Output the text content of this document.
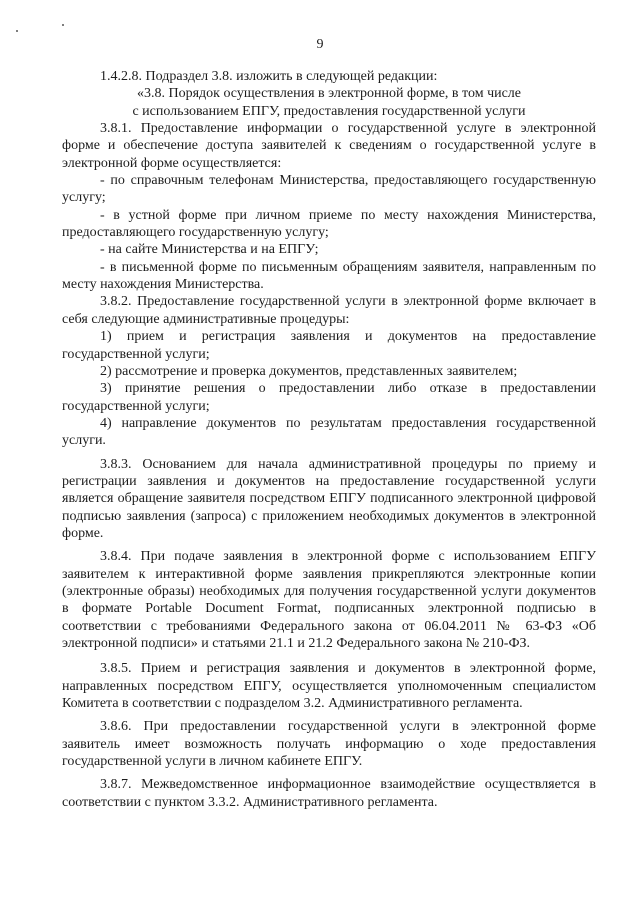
9

1.4.2.8. Подраздел 3.8. изложить в следующей редакции:

«3.8. Порядок осуществления в электронной форме, в том числе

с использованием ЕПГУ, предоставления государственной услуги

3.8.1. Предоставление информации о государственной услуге в электронной форме и обеспечение доступа заявителей к сведениям о государственной услуге в электронной форме осуществляется:

- по справочным телефонам Министерства, предоставляющего государственную услугу;

- в устной форме при личном приеме по месту нахождения Министерства, предоставляющего государственную услугу;

- на сайте Министерства и на ЕПГУ;

- в письменной форме по письменным обращениям заявителя, направленным по месту нахождения Министерства.

3.8.2. Предоставление государственной услуги в электронной форме включает в себя следующие административные процедуры:

1) прием и регистрация заявления и документов на предоставление государственной услуги;

2) рассмотрение и проверка документов, представленных заявителем;

3) принятие решения о предоставлении либо отказе в предоставлении государственной услуги;

4) направление документов по результатам предоставления государственной услуги.

3.8.3. Основанием для начала административной процедуры по приему и регистрации заявления и документов на предоставление государственной услуги является обращение заявителя посредством ЕПГУ подписанного электронной цифровой подписью заявления (запроса) с приложением необходимых документов в электронной форме.

3.8.4. При подаче заявления в электронной форме с использованием ЕПГУ заявителем к интерактивной форме заявления прикрепляются электронные копии (электронные образы) необходимых для получения государственной услуги документов в формате Portable Document Format, подписанных электронной подписью в соответствии с требованиями Федерального закона от 06.04.2011 № 63-ФЗ «Об электронной подписи» и статьями 21.1 и 21.2 Федерального закона № 210-ФЗ.

3.8.5. Прием и регистрация заявления и документов в электронной форме, направленных посредством ЕПГУ, осуществляется уполномоченным специалистом Комитета в соответствии с подразделом 3.2. Административного регламента.

3.8.6. При предоставлении государственной услуги в электронной форме заявитель имеет возможность получать информацию о ходе предоставления государственной услуги в личном кабинете ЕПГУ.

3.8.7. Межведомственное информационное взаимодействие осуществляется в соответствии с пунктом 3.3.2. Административного регламента.
